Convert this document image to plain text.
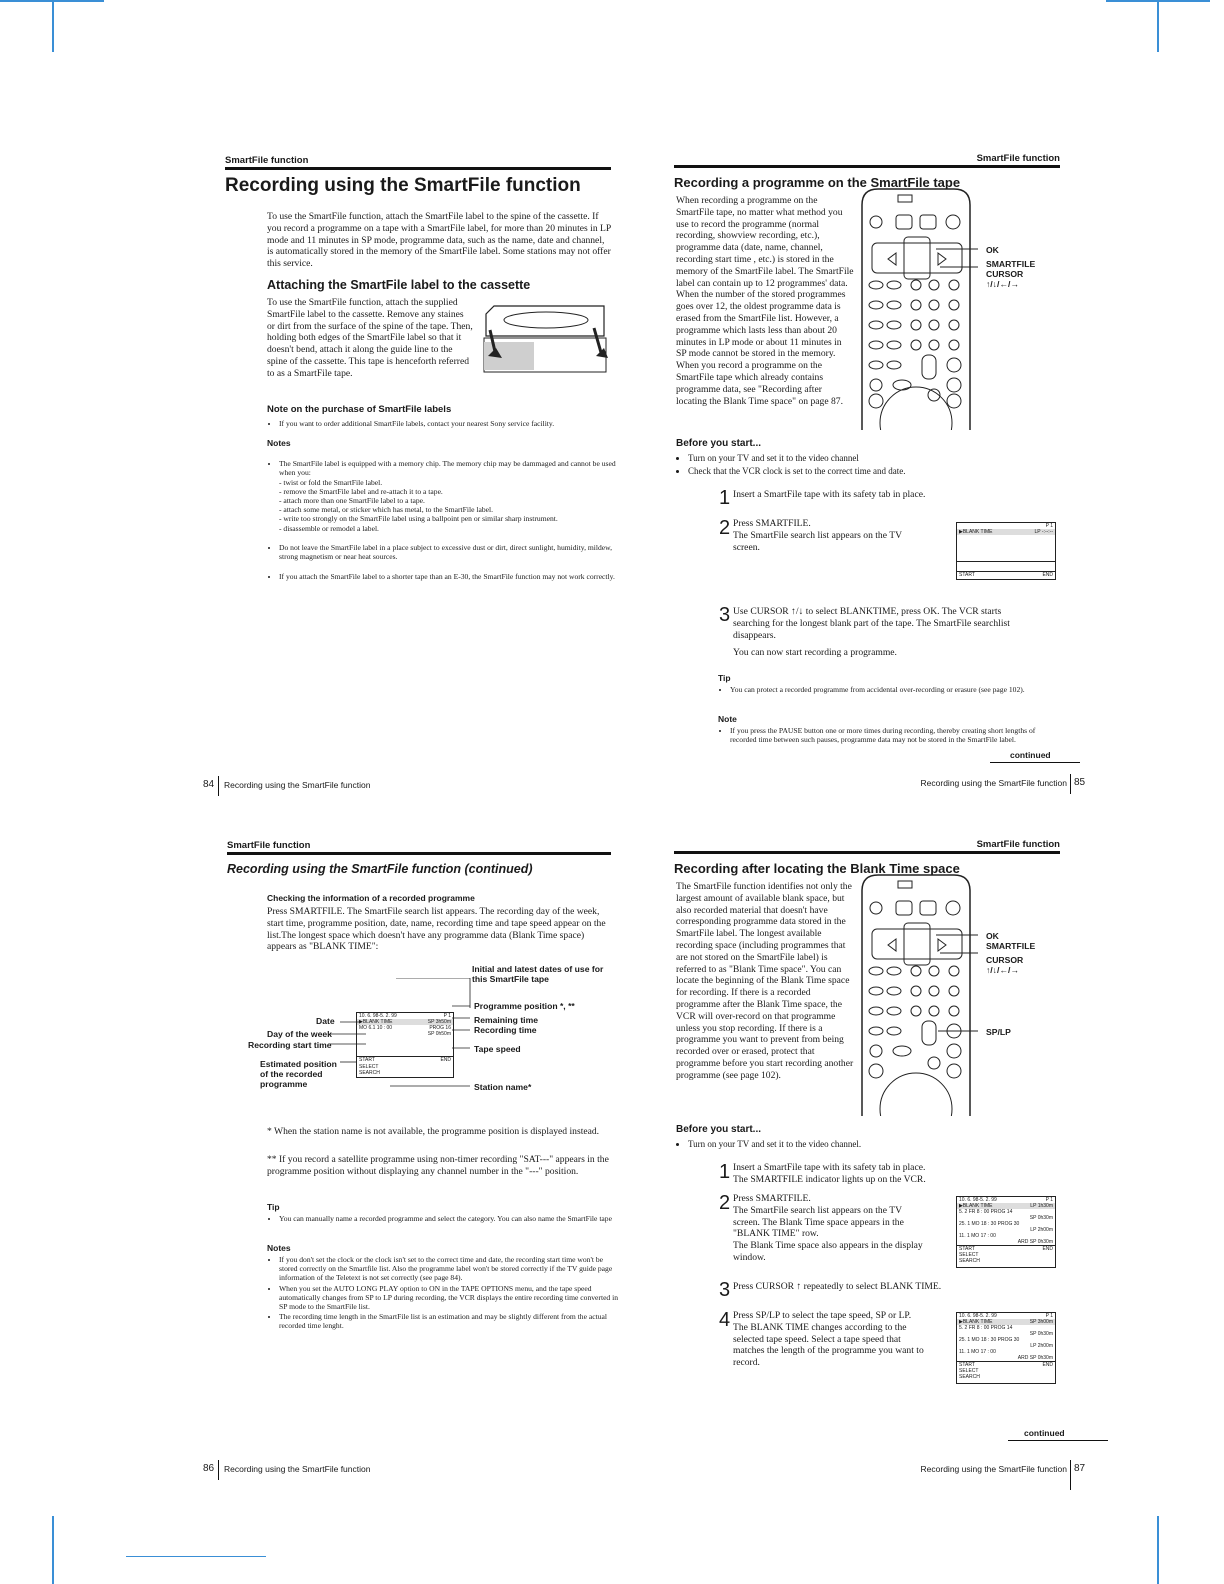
SmartFile function
Recording using the SmartFile function
To use the SmartFile function, attach the SmartFile label to the spine of the cassette. If you record a programme on a tape with a SmartFile label, for more than 20 minutes in LP mode and 11 minutes in SP mode, programme data, such as the name, date and channel, is automatically stored in the memory of the SmartFile label. Some stations may not offer this service.
Attaching the SmartFile label to the cassette
To use the SmartFile function, attach the supplied SmartFile label to the cassette. Remove any staines or dirt from the surface of the spine of the tape. Then, holding both edges of the SmartFile label so that it doesn't bend, attach it along the guide line to the spine of the cassette. This tape is henceforth referred to as a SmartFile tape.
Note on the purchase of SmartFile labels
• If you want to order additional SmartFile labels, contact your nearest Sony service facility.
Notes

• The SmartFile label is equipped with a memory chip. The memory chip may be dammaged and cannot be used when you:
- twist or fold the SmartFile label.
- remove the SmartFile label and re-attach it to a tape.
- attach more than one SmartFile label to a tape.
- attach some metal, or sticker which has metal, to the SmartFile label.
- write too strongly on the SmartFile label using a ballpoint pen or similar sharp instrument.
- disassemble or remodel a label.

• Do not leave the SmartFile label in a place subject to excessive dust or dirt, direct sunlight, humidity, mildew, strong magnetism or near heat sources.

• If you attach the SmartFile label to a shorter tape than an E-30, the SmartFile function may not work correctly.

84 Recording using the SmartFile function
SmartFile function
Recording a programme on the SmartFile tape
When recording a programme on the SmartFile tape, no matter what method you use to record the programme (normal recording, showview recording, etc.), programme data (date, name, channel, recording start time , etc.) is stored in the memory of the SmartFile label. The SmartFile label can contain up to 12 programmes' data. When the number of the stored programmes goes over 12, the oldest programme data is erased from the SmartFile list. However, a programme which lasts less than about 20 minutes in LP mode or about 11 minutes in SP mode cannot be stored in the memory. When you record a programme on the SmartFile tape which already contains programme data, see "Recording after locating the Blank Time space" on page 87.
OK
SMARTFILE
CURSOR
↑/↓/←/→
Before you start...
• Turn on your TV and set it to the video channel
• Check that the VCR clock is set to the correct time and date.
1 Insert a SmartFile tape with its safety tab in place.
2 Press SMARTFILE.
The SmartFile search list appears on the TV screen.
P 1
▶BLANK TIME	LP -:--:--
START	END
3 Use CURSOR ↑/↓ to select BLANKTIME, press OK. The VCR starts searching for the longest blank part of the tape. The SmartFile searchlist disappears.
You can now start recording a programme.
Tip
• You can protect a recorded programme from accidental over-recording or erasure (see page 102).
Note
• If you press the PAUSE button one or more times during recording, thereby creating short lengths of recorded time between such pauses, programme data may not be stored in the SmartFile label.
continued
Recording using the SmartFile function 85
SmartFile function
Recording using the SmartFile function (continued)
Checking the information of a recorded programme
Press SMARTFILE. The SmartFile search list appears. The recording day of the week, start time, programme position, date, name, recording time and tape speed appear on the list.The longest space which doesn't have any programme data (Blank Time space) appears as "BLANK TIME":
10. 6. 98-5. 2. 99	P 1
▶BLANK TIME	SP 3h50m
MO 6.1 10 : 00	PROG 16
SP 0h50m
START	END
SELECT
SEARCH
Date
Day of the week
Recording start time
Estimated position of the recorded programme
Initial and latest dates of use for this SmartFile tape
Programme position *, **
Remaining time
Recording time
Tape speed
Station name*
* When the station name is not available, the programme position is displayed instead.
** If you record a satellite programme using non-timer recording "SAT---" appears in the programme position without displaying any channel number in the "---" position.
Tip
• You can manually name a recorded programme and select the category. You can also name the SmartFile tape
Notes
• If you don't set the clock or the clock isn't set to the correct time and date, the recording start time won't be stored correctly on the Smartfile list. Also the programme label won't be stored correctly if the TV guide page information of the Teletext is not set correctly (see page 84).
• When you set the AUTO LONG PLAY option to ON in the TAPE OPTIONS menu, and the tape speed automatically changes from SP to LP during recording, the VCR displays the entire recording time converted in SP mode to the SmartFile list.
• The recording time length in the SmartFile list is an estimation and may be slightly different from the actual recorded time lenght.
86 Recording using the SmartFile function
SmartFile function
Recording after locating the Blank Time space
The SmartFile function identifies not only the largest amount of available blank space, but also recorded material that doesn't have corresponding programme data stored in the SmartFile label. The longest available recording space (including programmes that are not stored on the SmartFile label) is referred to as "Blank Time space". You can locate the beginning of the Blank Time space for recording. If there is a recorded programme after the Blank Time space, the VCR will over-record on that programme unless you stop recording. If there is a programme you want to prevent from being recorded over or erased, protect that programme before you start recording another programme (see page 102).
OK
SMARTFILE
CURSOR
↑/↓/←/→
SP/LP
Before you start...
• Turn on your TV and set it to the video channel.
1 Insert a SmartFile tape with its safety tab in place.
The SMARTFILE indicator lights up on the VCR.
2 Press SMARTFILE.
The SmartFile search list appears on the TV screen. The Blank Time space appears in the "BLANK TIME" row.
The Blank Time space also appears in the display window.
10. 6. 98-5. 2. 99	P 1
▶BLANK TIME	LP 1h30m
5. 2 FR 8 : 00 PROG 14
SP 0h30m
25. 1 MO 18 : 30 PROG 30
LP 2h00m
11. 1 MO 17 : 00
ARD SP 0h30m
START	END
SELECT
SEARCH
3 Press CURSOR ↑ repeatedly to select BLANK TIME.
4 Press SP/LP to select the tape speed, SP or LP.
The BLANK TIME changes according to the selected tape speed. Select a tape speed that matches the length of the programme you want to record.
10. 6. 98-5. 2. 99	P 1
▶BLANK TIME	SP 3h00m
5. 2 FR 8 : 00 PROG 14
SP 0h30m
25. 1 MO 18 : 30 PROG 30
LP 2h00m
11. 1 MO 17 : 00
ARD SP 0h30m
START	END
SELECT
SEARCH
continued
Recording using the SmartFile function 87
